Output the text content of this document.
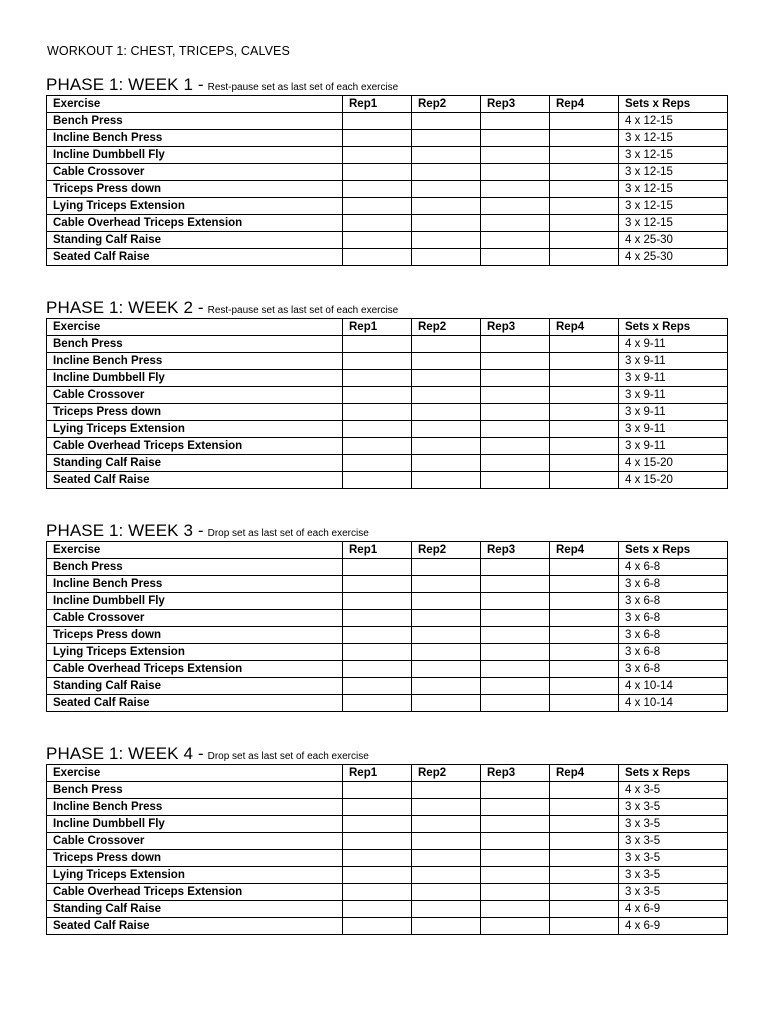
WORKOUT 1: CHEST, TRICEPS, CALVES
PHASE 1: WEEK 1 - Rest-pause set as last set of each exercise
Exercise	Rep1	Rep2	Rep3	Rep4	Sets x Reps
Bench Press					4 x 12-15
Incline Bench Press					3 x 12-15
Incline Dumbbell Fly					3 x 12-15
Cable Crossover					3 x 12-15
Triceps Press down					3 x 12-15
Lying Triceps Extension					3 x 12-15
Cable Overhead Triceps Extension					3 x 12-15
Standing Calf Raise					4 x 25-30
Seated Calf Raise					4 x 25-30
PHASE 1: WEEK 2 - Rest-pause set as last set of each exercise
Exercise	Rep1	Rep2	Rep3	Rep4	Sets x Reps
Bench Press					4 x 9-11
Incline Bench Press					3 x 9-11
Incline Dumbbell Fly					3 x 9-11
Cable Crossover					3 x 9-11
Triceps Press down					3 x 9-11
Lying Triceps Extension					3 x 9-11
Cable Overhead Triceps Extension					3 x 9-11
Standing Calf Raise					4 x 15-20
Seated Calf Raise					4 x 15-20
PHASE 1: WEEK 3 - Drop set as last set of each exercise
Exercise	Rep1	Rep2	Rep3	Rep4	Sets x Reps
Bench Press					4 x 6-8
Incline Bench Press					3 x 6-8
Incline Dumbbell Fly					3 x 6-8
Cable Crossover					3 x 6-8
Triceps Press down					3 x 6-8
Lying Triceps Extension					3 x 6-8
Cable Overhead Triceps Extension					3 x 6-8
Standing Calf Raise					4 x 10-14
Seated Calf Raise					4 x 10-14
PHASE 1: WEEK 4 - Drop set as last set of each exercise
Exercise	Rep1	Rep2	Rep3	Rep4	Sets x Reps
Bench Press					4 x 3-5
Incline Bench Press					3 x 3-5
Incline Dumbbell Fly					3 x 3-5
Cable Crossover					3 x 3-5
Triceps Press down					3 x 3-5
Lying Triceps Extension					3 x 3-5
Cable Overhead Triceps Extension					3 x 3-5
Standing Calf Raise					4 x 6-9
Seated Calf Raise					4 x 6-9
